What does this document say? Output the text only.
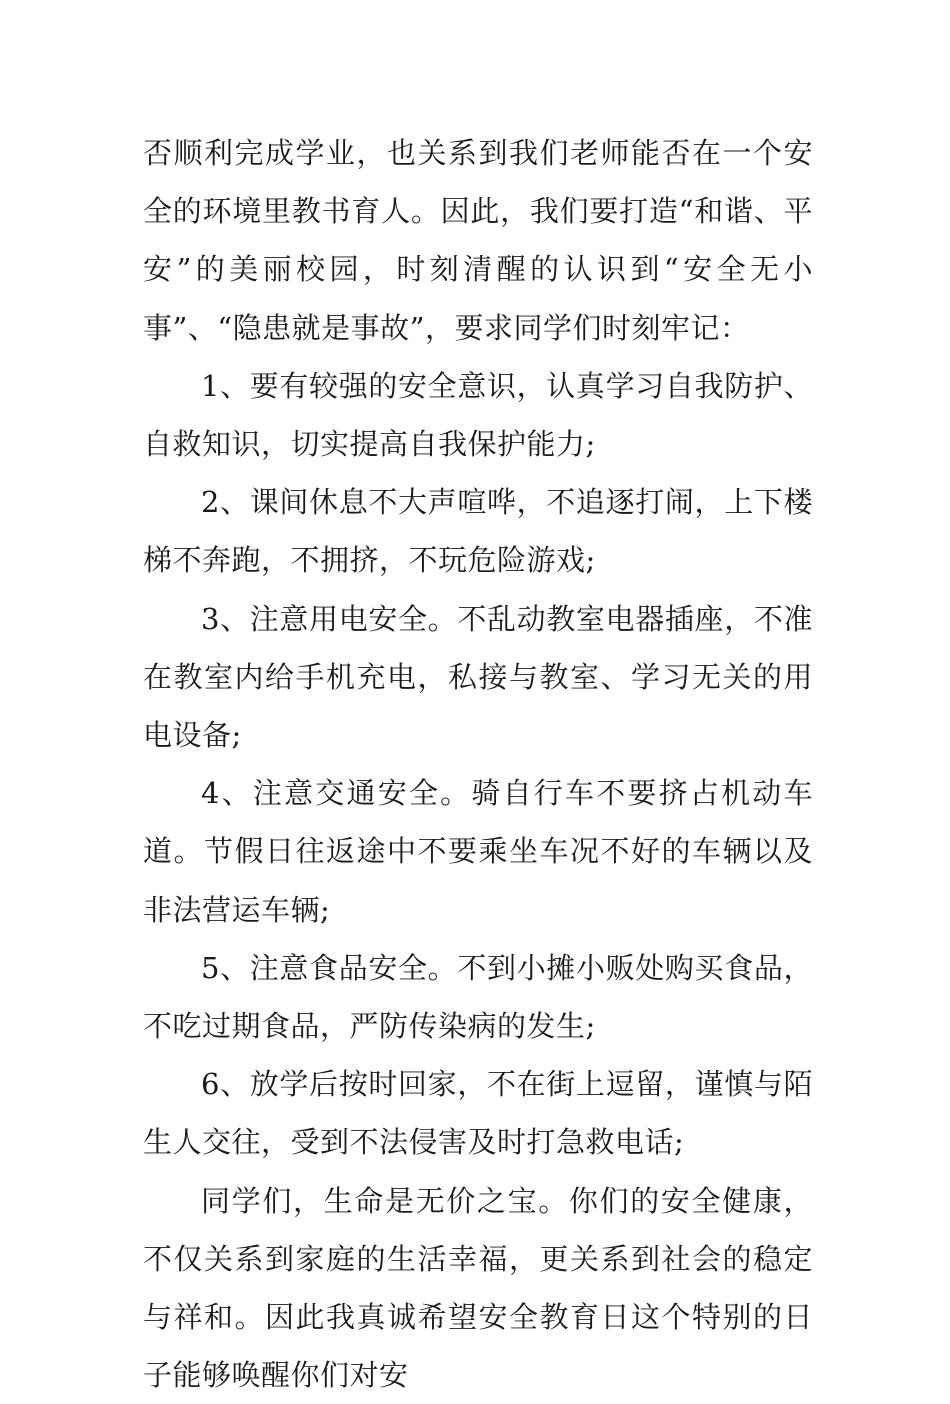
否顺利完成学业，也关系到我们老师能否在一个安全的环境里教书育人。因此，我们要打造“和谐、平安”的美丽校园，时刻清醒的认识到“安全无小事”、“隐患就是事故”，要求同学们时刻牢记：

1、要有较强的安全意识，认真学习自我防护、自救知识，切实提高自我保护能力;

2、课间休息不大声喧哗，不追逐打闹，上下楼梯不奔跑，不拥挤，不玩危险游戏;

3、注意用电安全。不乱动教室电器插座，不准在教室内给手机充电，私接与教室、学习无关的用电设备;

4、注意交通安全。骑自行车不要挤占机动车道。节假日往返途中不要乘坐车况不好的车辆以及非法营运车辆;

5、注意食品安全。不到小摊小贩处购买食品，不吃过期食品，严防传染病的发生;

6、放学后按时回家，不在街上逗留，谨慎与陌生人交往，受到不法侵害及时打急救电话;

同学们，生命是无价之宝。你们的安全健康，不仅关系到家庭的生活幸福，更关系到社会的稳定与祥和。因此我真诚希望安全教育日这个特别的日子能够唤醒你们对安
